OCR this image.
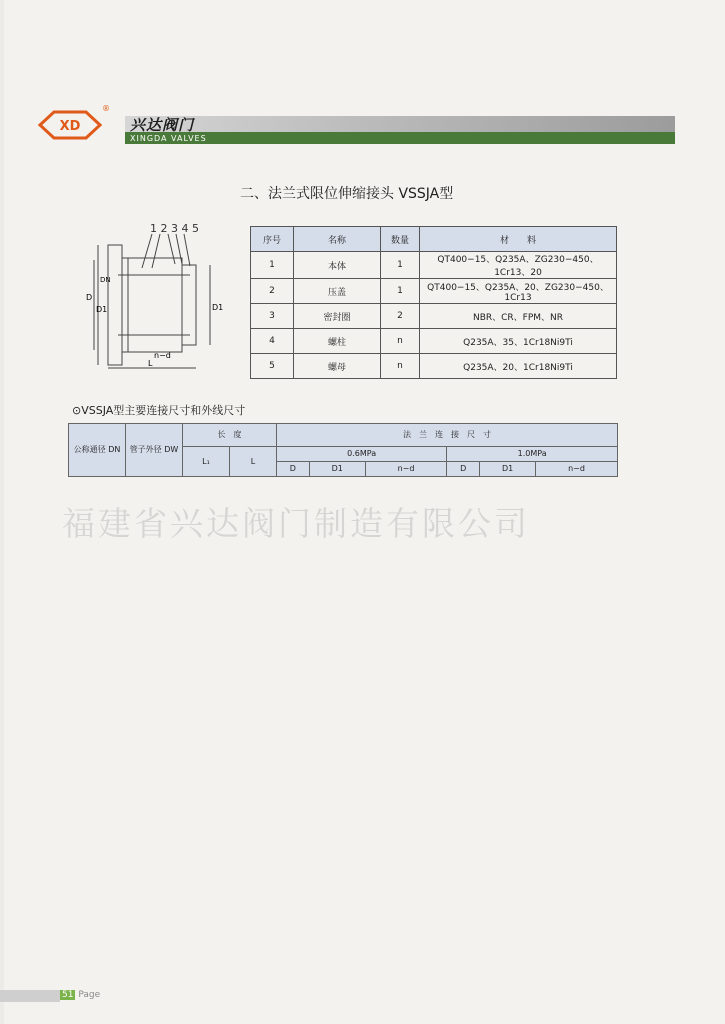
XD
®
兴达阀门
XINGDA VALVES
二、法兰式限位伸缩接头 VSSJA型
1 2 3 4 5
D
D1
DN
D1
n−d
L
序号	名称	数量	材　　料
1	本体	1	QT400−15、Q235A、ZG230−450、1Cr13、20
2	压盖	1	QT400−15、Q235A、20、ZG230−450、1Cr13
3	密封圈	2	NBR、CR、FPM、NR
4	螺柱	n	Q235A、35、1Cr18Ni9Ti
5	螺母	n	Q235A、20、1Cr18Ni9Ti
⊙VSSJA型主要连接尺寸和外线尺寸
公称通径 DN	管子外径 DW	长　度		法　兰　连　接　尺　寸					
		L₁	L	0.6MPa			1.0MPa		
				D	D1	n−d	D	D1	n−d
福建省兴达阀门制造有限公司
51 Page
